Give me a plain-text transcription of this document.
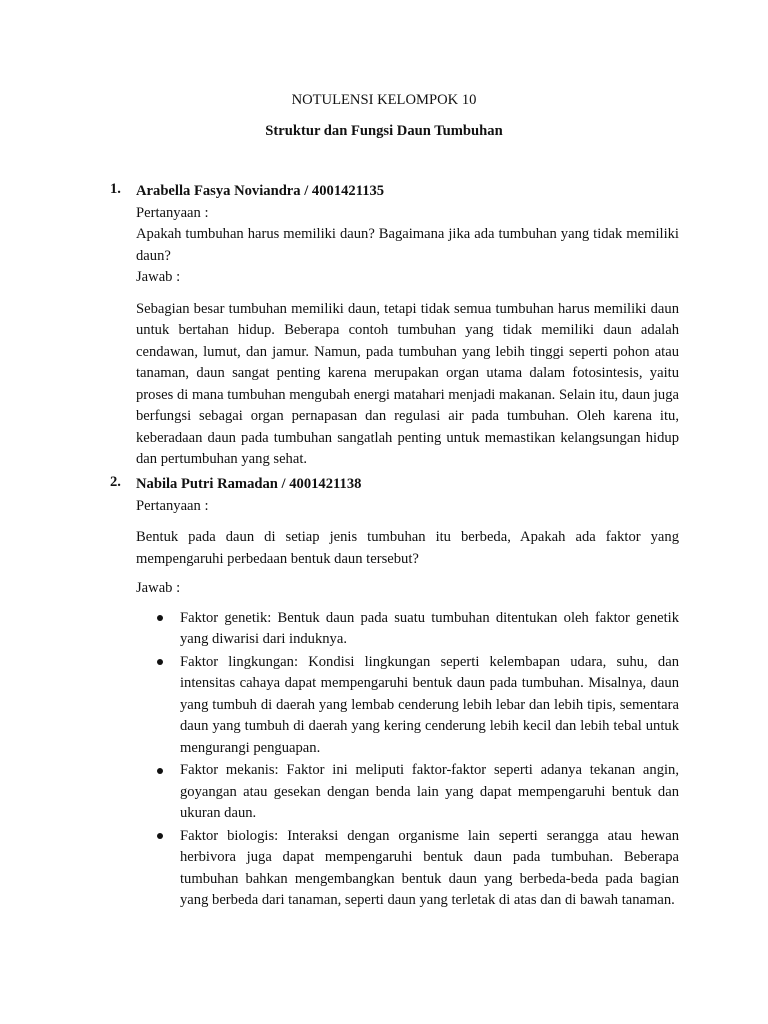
NOTULENSI KELOMPOK 10
Struktur dan Fungsi Daun Tumbuhan
1.	Arabella Fasya Noviandra / 4001421135
Pertanyaan :
Apakah tumbuhan harus memiliki daun? Bagaimana jika ada tumbuhan yang tidak memiliki daun?
Jawab :
Sebagian besar tumbuhan memiliki daun, tetapi tidak semua tumbuhan harus memiliki daun untuk bertahan hidup. Beberapa contoh tumbuhan yang tidak memiliki daun adalah cendawan, lumut, dan jamur. Namun, pada tumbuhan yang lebih tinggi seperti pohon atau tanaman, daun sangat penting karena merupakan organ utama dalam fotosintesis, yaitu proses di mana tumbuhan mengubah energi matahari menjadi makanan. Selain itu, daun juga berfungsi sebagai organ pernapasan dan regulasi air pada tumbuhan. Oleh karena itu, keberadaan daun pada tumbuhan sangatlah penting untuk memastikan kelangsungan hidup dan pertumbuhan yang sehat.
2.	Nabila Putri Ramadan / 4001421138
Pertanyaan :
Bentuk pada daun di setiap jenis tumbuhan itu berbeda, Apakah ada faktor yang mempengaruhi perbedaan bentuk daun tersebut?
Jawab :
Faktor genetik: Bentuk daun pada suatu tumbuhan ditentukan oleh faktor genetik yang diwarisi dari induknya.
Faktor lingkungan: Kondisi lingkungan seperti kelembapan udara, suhu, dan intensitas cahaya dapat mempengaruhi bentuk daun pada tumbuhan. Misalnya, daun yang tumbuh di daerah yang lembab cenderung lebih lebar dan lebih tipis, sementara daun yang tumbuh di daerah yang kering cenderung lebih kecil dan lebih tebal untuk mengurangi penguapan.
Faktor mekanis: Faktor ini meliputi faktor-faktor seperti adanya tekanan angin, goyangan atau gesekan dengan benda lain yang dapat mempengaruhi bentuk dan ukuran daun.
Faktor biologis: Interaksi dengan organisme lain seperti serangga atau hewan herbivora juga dapat mempengaruhi bentuk daun pada tumbuhan. Beberapa tumbuhan bahkan mengembangkan bentuk daun yang berbeda-beda pada bagian yang berbeda dari tanaman, seperti daun yang terletak di atas dan di bawah tanaman.
